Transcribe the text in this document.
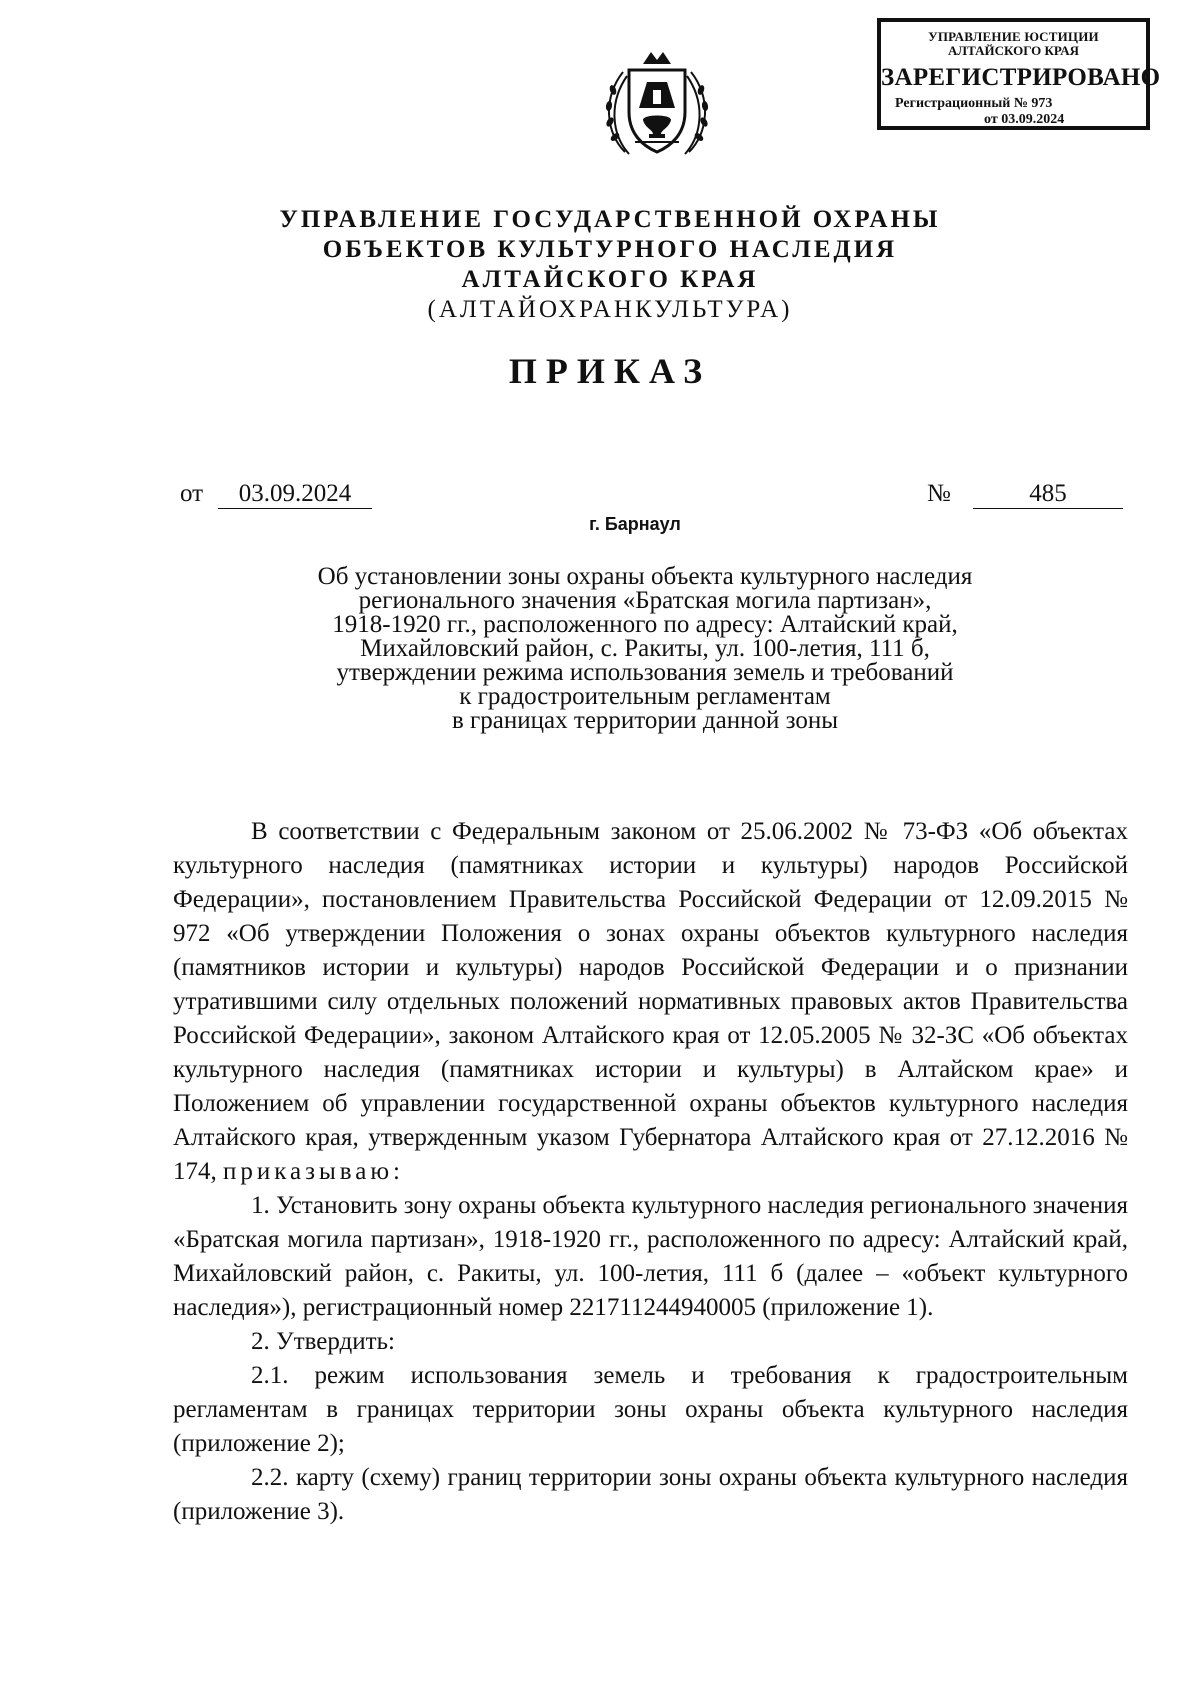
УПРАВЛЕНИЕ ЮСТИЦИИ
АЛТАЙСКОГО КРАЯ
ЗАРЕГИСТРИРОВАНО
Регистрационный № 973
от 03.09.2024
УПРАВЛЕНИЕ ГОСУДАРСТВЕННОЙ ОХРАНЫ
ОБЪЕКТОВ КУЛЬТУРНОГО НАСЛЕДИЯ
АЛТАЙСКОГО КРАЯ
(АЛТАЙОХРАНКУЛЬТУРА)
ПРИКАЗ
от	03.09.2024	№	485
г. Барнаул
Об установлении зоны охраны объекта культурного наследия
регионального значения «Братская могила партизан»,
1918-1920 гг., расположенного по адресу: Алтайский край,
Михайловский район, с. Ракиты, ул. 100-летия, 111 б,
утверждении режима использования земель и требований
к градостроительным регламентам
в границах территории данной зоны

В соответствии с Федеральным законом от 25.06.2002 № 73-ФЗ «Об объектах культурного наследия (памятниках истории и культуры) народов Российской Федерации», постановлением Правительства Российской Федерации от 12.09.2015 № 972 «Об утверждении Положения о зонах охраны объектов культурного наследия (памятников истории и культуры) народов Российской Федерации и о признании утратившими силу отдельных положений нормативных правовых актов Правительства Российской Федерации», законом Алтайского края от 12.05.2005 № 32-ЗС «Об объектах культурного наследия (памятниках истории и культуры) в Алтайском крае» и Положением об управлении государственной охраны объектов культурного наследия Алтайского края, утвержденным указом Губернатора Алтайского края от 27.12.2016 № 174, приказываю:

1. Установить зону охраны объекта культурного наследия регионального значения «Братская могила партизан», 1918-1920 гг., расположенного по адресу: Алтайский край, Михайловский район, с. Ракиты, ул. 100-летия, 111 б (далее – «объект культурного наследия»), регистрационный номер 221711244940005 (приложение 1).

2. Утвердить:

2.1. режим использования земель и требования к градостроительным регламентам в границах территории зоны охраны объекта культурного наследия (приложение 2);

2.2. карту (схему) границ территории зоны охраны объекта культурного наследия (приложение 3).
